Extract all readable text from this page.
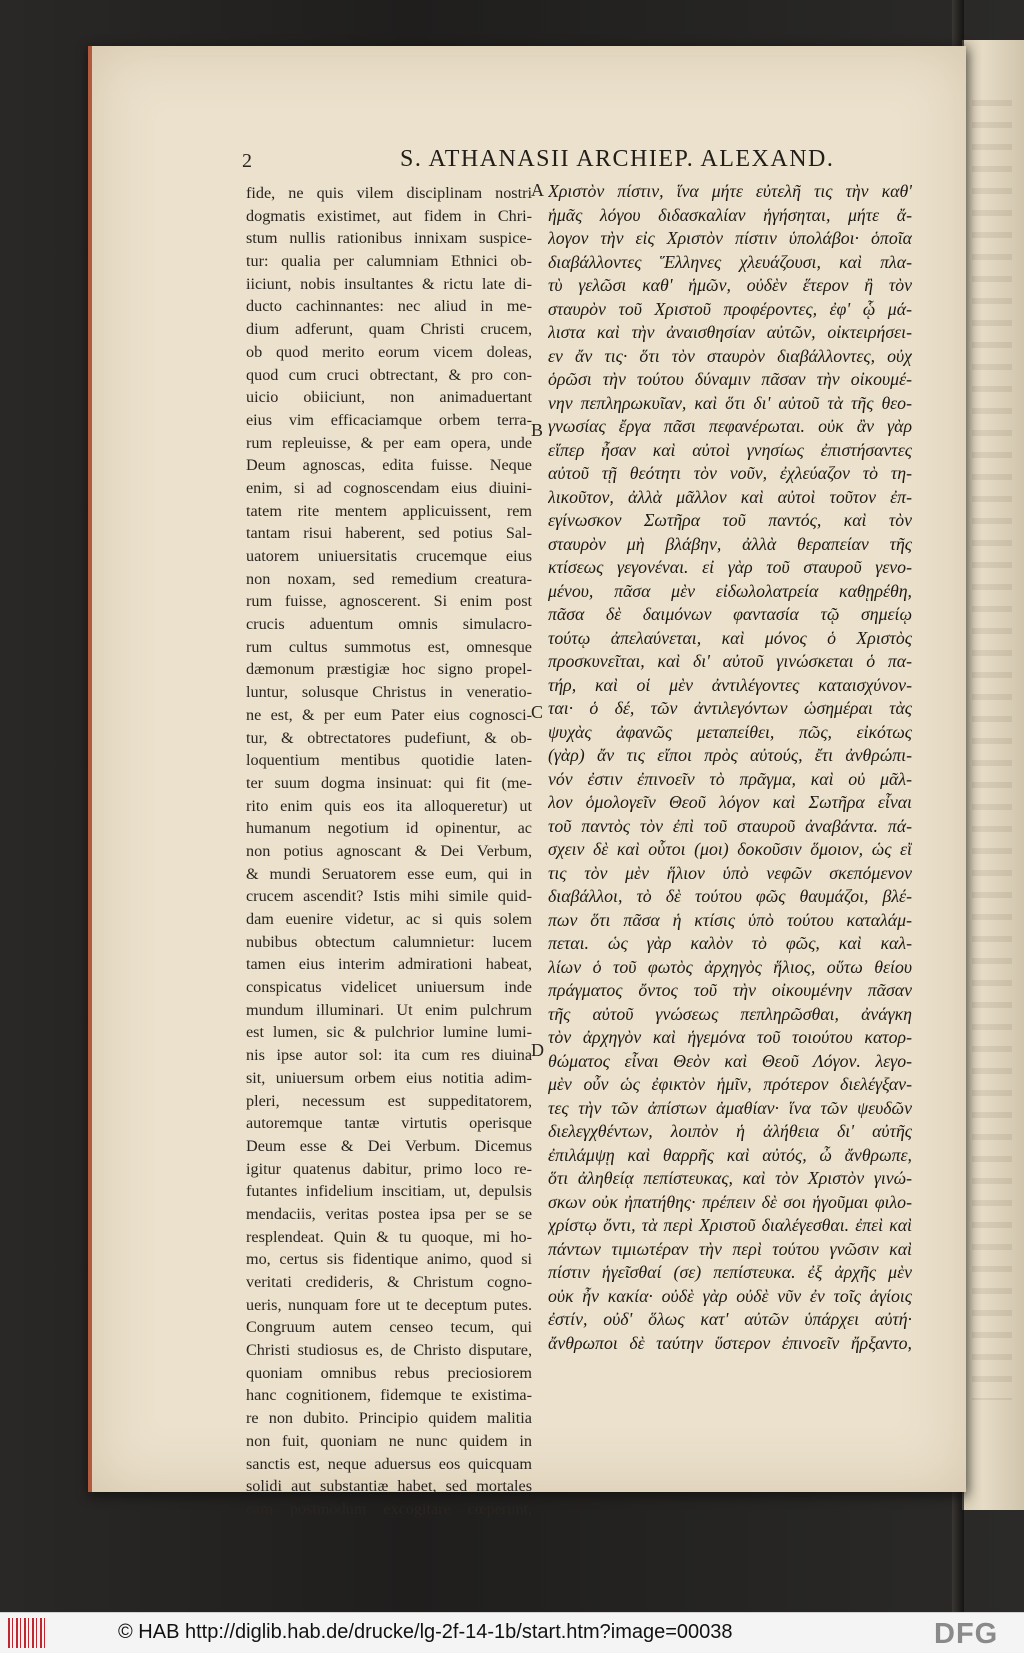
2	S. ATHANASII ARCHIEP. ALEXAND.
fide, ne quis vilem disciplinam nostri
dogmatis existimet, aut fidem in Chri-
stum nullis rationibus innixam suspice-
tur: qualia per calumniam Ethnici ob-
iiciunt, nobis insultantes & rictu late di-
ducto cachinnantes: nec aliud in me-
dium adferunt, quam Christi crucem,
ob quod merito eorum vicem doleas,
quod cum cruci obtrectant, & pro con-
uicio obiiciunt, non animaduertant
eius vim efficaciamque orbem terra-
rum repleuisse, & per eam opera, unde
Deum agnoscas, edita fuisse. Neque
enim, si ad cognoscendam eius diuini-
tatem rite mentem applicuissent, rem
tantam risui haberent, sed potius Sal-
uatorem uniuersitatis crucemque eius
non noxam, sed remedium creatura-
rum fuisse, agnoscerent. Si enim post
crucis aduentum omnis simulacro-
rum cultus summotus est, omnesque
dæmonum præstigiæ hoc signo propel-
luntur, solusque Christus in veneratio-
ne est, & per eum Pater eius cognosci-
tur, & obtrectatores pudefiunt, & ob-
loquentium mentibus quotidie laten-
ter suum dogma insinuat: qui fit (me-
rito enim quis eos ita alloqueretur) ut
humanum negotium id opinentur, ac
non potius agnoscant & Dei Verbum,
& mundi Seruatorem esse eum, qui in
crucem ascendit? Istis mihi simile quid-
dam euenire videtur, ac si quis solem
nubibus obtectum calumnietur: lucem
tamen eius interim admirationi habeat,
conspicatus videlicet uniuersum inde
mundum illuminari. Ut enim pulchrum
est lumen, sic & pulchrior lumine lumi-
nis ipse autor sol: ita cum res diuina
sit, uniuersum orbem eius notitia adim-
pleri, necessum est suppeditatorem,
autoremque tantæ virtutis operisque
Deum esse & Dei Verbum. Dicemus
igitur quatenus dabitur, primo loco re-
futantes infidelium inscitiam, ut, depulsis
mendaciis, veritas postea ipsa per se se
resplendeat. Quin & tu quoque, mi ho-
mo, certus sis fidentique animo, quod si
veritati credideris, & Christum cogno-
ueris, nunquam fore ut te deceptum putes.
Congruum autem censeo tecum, qui
Christi studiosus es, de Christo disputare,
quoniam omnibus rebus preciosiorem
hanc cognitionem, fidemque te existima-
re non dubito. Principio quidem malitia
non fuit, quoniam ne nunc quidem in
sanctis est, neque aduersus eos quicquam
solidi aut substantiæ habet, sed mortales
eam postmodum excogitare cœperunt,
Χριστὸν πίστιν, ἵνα μήτε εὐτελῆ τις τὴν καθ'
ἡμᾶς λόγου διδασκαλίαν ἡγήσηται, μήτε ἄ-
λογον τὴν εἰς Χριστὸν πίστιν ὑπολάβοι· ὁποῖα
διαβάλλοντες Ἕλληνες χλευάζουσι, καὶ πλα-
τὺ γελῶσι καθ' ἡμῶν, οὐδὲν ἕτερον ἢ τὸν
σταυρὸν τοῦ Χριστοῦ προφέροντες, ἐφ' ᾧ μά-
λιστα καὶ τὴν ἀναισθησίαν αὐτῶν, οἰκτειρήσει-
εν ἄν τις· ὅτι τὸν σταυρὸν διαβάλλοντες, οὐχ
ὁρῶσι τὴν τούτου δύναμιν πᾶσαν τὴν οἰκουμέ-
νην πεπληρωκυῖαν, καὶ ὅτι δι' αὐτοῦ τὰ τῆς θεο-
γνωσίας ἔργα πᾶσι πεφανέρωται. οὐκ ἂν γὰρ
εἴπερ ἦσαν καὶ αὐτοὶ γνησίως ἐπιστήσαντες
αὐτοῦ τῇ θεότητι τὸν νοῦν, ἐχλεύαζον τὸ τη-
λικοῦτον, ἀλλὰ μᾶλλον καὶ αὐτοὶ τοῦτον ἐπ-
εγίνωσκον Σωτῆρα τοῦ παντός, καὶ τὸν
σταυρὸν μὴ βλάβην, ἀλλὰ θεραπείαν τῆς
κτίσεως γεγονέναι. εἰ γὰρ τοῦ σταυροῦ γενο-
μένου, πᾶσα μὲν εἰδωλολατρεία καθῃρέθη,
πᾶσα δὲ δαιμόνων φαντασία τῷ σημείῳ
τούτῳ ἀπελαύνεται, καὶ μόνος ὁ Χριστὸς
προσκυνεῖται, καὶ δι' αὐτοῦ γινώσκεται ὁ πα-
τήρ, καὶ οἱ μὲν ἀντιλέγοντες καταισχύνον-
ται· ὁ δέ, τῶν ἀντιλεγόντων ὡσημέραι τὰς
ψυχὰς ἀφανῶς μεταπείθει, πῶς, εἰκότως
(γὰρ) ἄν τις εἴποι πρὸς αὐτούς, ἔτι ἀνθρώπι-
νόν ἐστιν ἐπινοεῖν τὸ πρᾶγμα, καὶ οὐ μᾶλ-
λον ὁμολογεῖν Θεοῦ λόγον καὶ Σωτῆρα εἶναι
τοῦ παντὸς τὸν ἐπὶ τοῦ σταυροῦ ἀναβάντα. πά-
σχειν δὲ καὶ οὗτοι (μοι) δοκοῦσιν ὅμοιον, ὡς εἴ
τις τὸν μὲν ἥλιον ὑπὸ νεφῶν σκεπόμενον
διαβάλλοι, τὸ δὲ τούτου φῶς θαυμάζοι, βλέ-
πων ὅτι πᾶσα ἡ κτίσις ὑπὸ τούτου καταλάμ-
πεται. ὡς γὰρ καλὸν τὸ φῶς, καὶ καλ-
λίων ὁ τοῦ φωτὸς ἀρχηγὸς ἥλιος, οὕτω θείου
πράγματος ὄντος τοῦ τὴν οἰκουμένην πᾶσαν
τῆς αὐτοῦ γνώσεως πεπληρῶσθαι, ἀνάγκη
τὸν ἀρχηγὸν καὶ ἡγεμόνα τοῦ τοιούτου κατορ-
θώματος εἶναι Θεὸν καὶ Θεοῦ Λόγον. λεγο-
μὲν οὖν ὡς ἐφικτὸν ἡμῖν, πρότερον διελέγξαν-
τες τὴν τῶν ἀπίστων ἀμαθίαν· ἵνα τῶν ψευδῶν
διελεγχθέντων, λοιπὸν ἡ ἀλήθεια δι' αὐτῆς
ἐπιλάμψῃ καὶ θαρρῆς καὶ αὐτός, ὦ ἄνθρωπε,
ὅτι ἀληθείᾳ πεπίστευκας, καὶ τὸν Χριστὸν γινώ-
σκων οὐκ ἠπατήθης· πρέπειν δὲ σοι ἡγοῦμαι φιλο-
χρίστῳ ὄντι, τὰ περὶ Χριστοῦ διαλέγεσθαι. ἐπεὶ καὶ
πάντων τιμιωτέραν τὴν περὶ τούτου γνῶσιν καὶ
πίστιν ἡγεῖσθαί (σε) πεπίστευκα. ἐξ ἀρχῆς μὲν
οὐκ ἦν κακία· οὐδὲ γὰρ οὐδὲ νῦν ἐν τοῖς ἁγίοις
ἐστίν, οὐδ' ὅλως κατ' αὐτῶν ὑπάρχει αὐτή·
ἄνθρωποι δὲ ταύτην ὕστερον ἐπινοεῖν ἤρξαντο,
A
B
C
D
© HAB http://diglib.hab.de/drucke/lg-2f-14-1b/start.htm?image=00038	DFG
